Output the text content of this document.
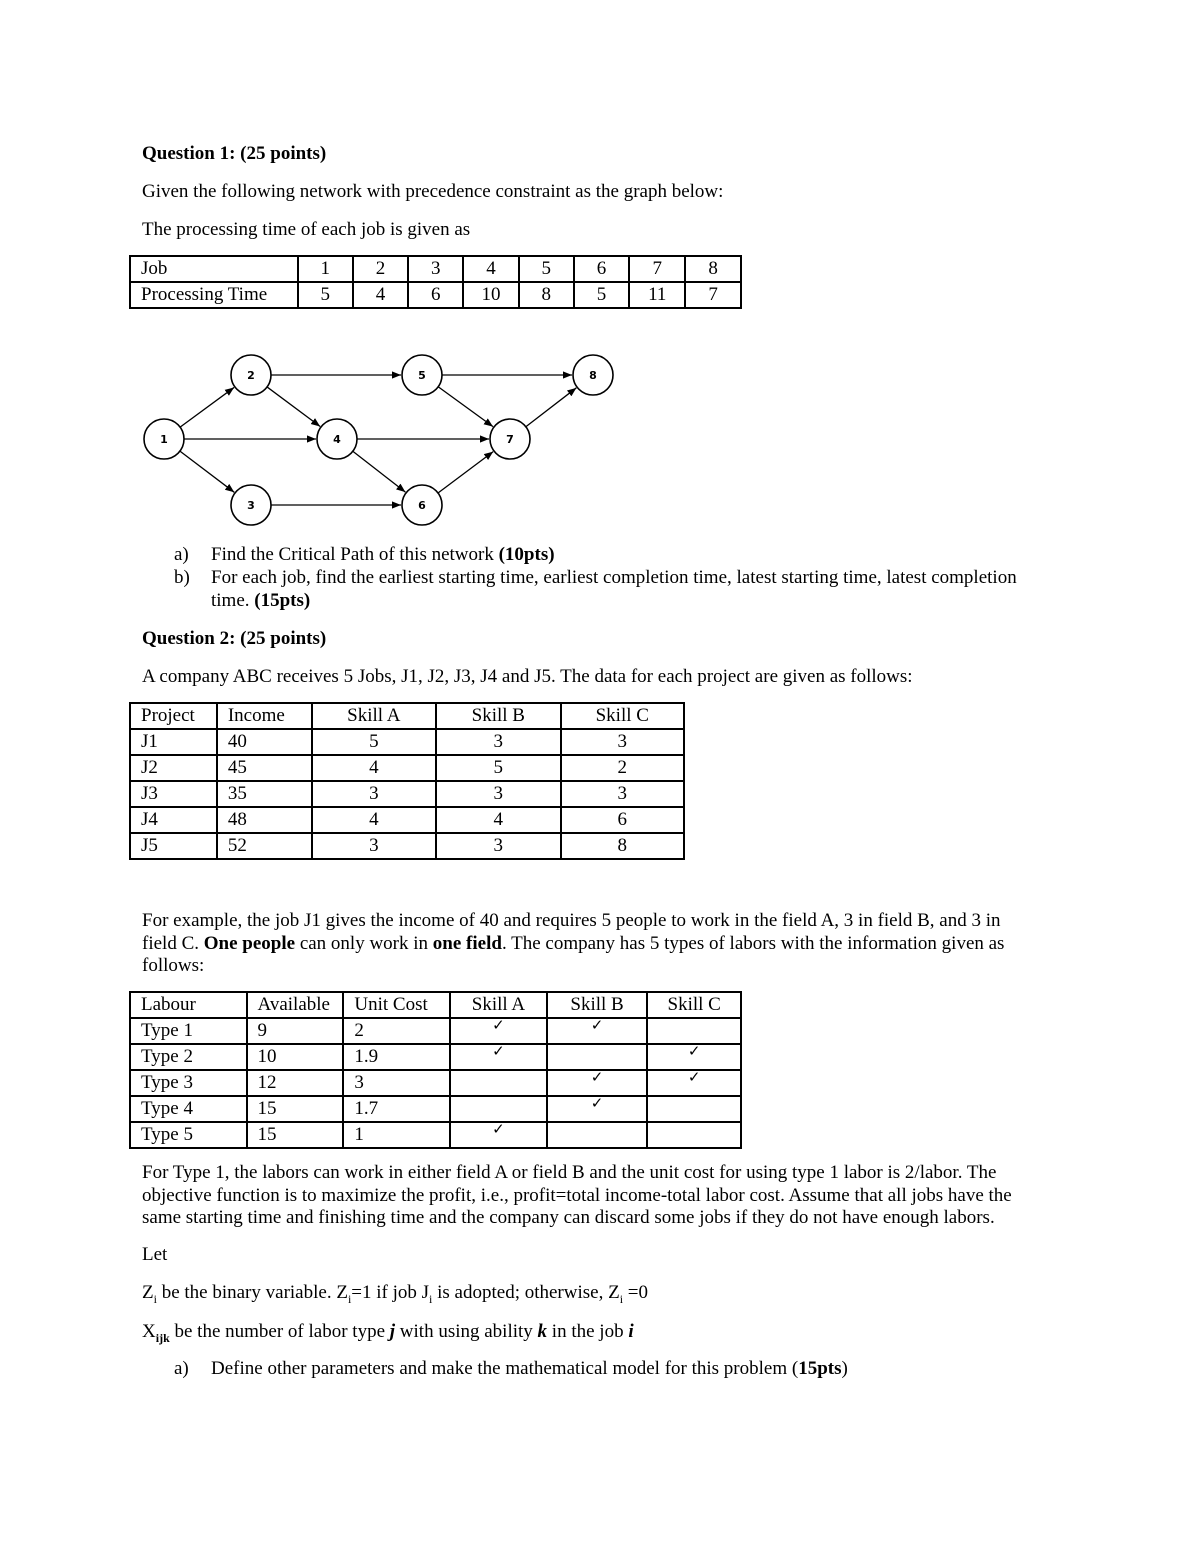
Question 1: (25 points)
Given the following network with precedence constraint as the graph below:
The processing time of each job is given as
Job	1	2	3	4	5	6	7	8
Processing Time	5	4	6	10	8	5	11	7
1
2
3
4
5
6
7
8
a) Find the Critical Path of this network (10pts)
b) For each job, find the earliest starting time, earliest completion time, latest starting time, latest completion
time. (15pts)
Question 2: (25 points)
A company ABC receives 5 Jobs, J1, J2, J3, J4 and J5. The data for each project are given as follows:
Project	Income	Skill A	Skill B	Skill C
J1	40	5	3	3
J2	45	4	5	2
J3	35	3	3	3
J4	48	4	4	6
J5	52	3	3	8
For example, the job J1 gives the income of 40 and requires 5 people to work in the field A, 3 in field B, and 3 in
field C. One people can only work in one field. The company has 5 types of labors with the information given as
follows:
Labour	Available	Unit Cost	Skill A	Skill B	Skill C
Type 1	9	2	✓	✓	
Type 2	10	1.9	✓		✓
Type 3	12	3		✓	✓
Type 4	15	1.7		✓	
Type 5	15	1	✓		
For Type 1, the labors can work in either field A or field B and the unit cost for using type 1 labor is 2/labor. The
objective function is to maximize the profit, i.e., profit=total income-total labor cost. Assume that all jobs have the
same starting time and finishing time and the company can discard some jobs if they do not have enough labors.
Let
$Z_i$ be the binary variable. $Z_i=1$ if job $J_i$ is adopted; otherwise, $Z_i =0$
$X_{ijk}$ be the number of labor type j with using ability k in the job i
a) Define other parameters and make the mathematical model for this problem (15pts)
